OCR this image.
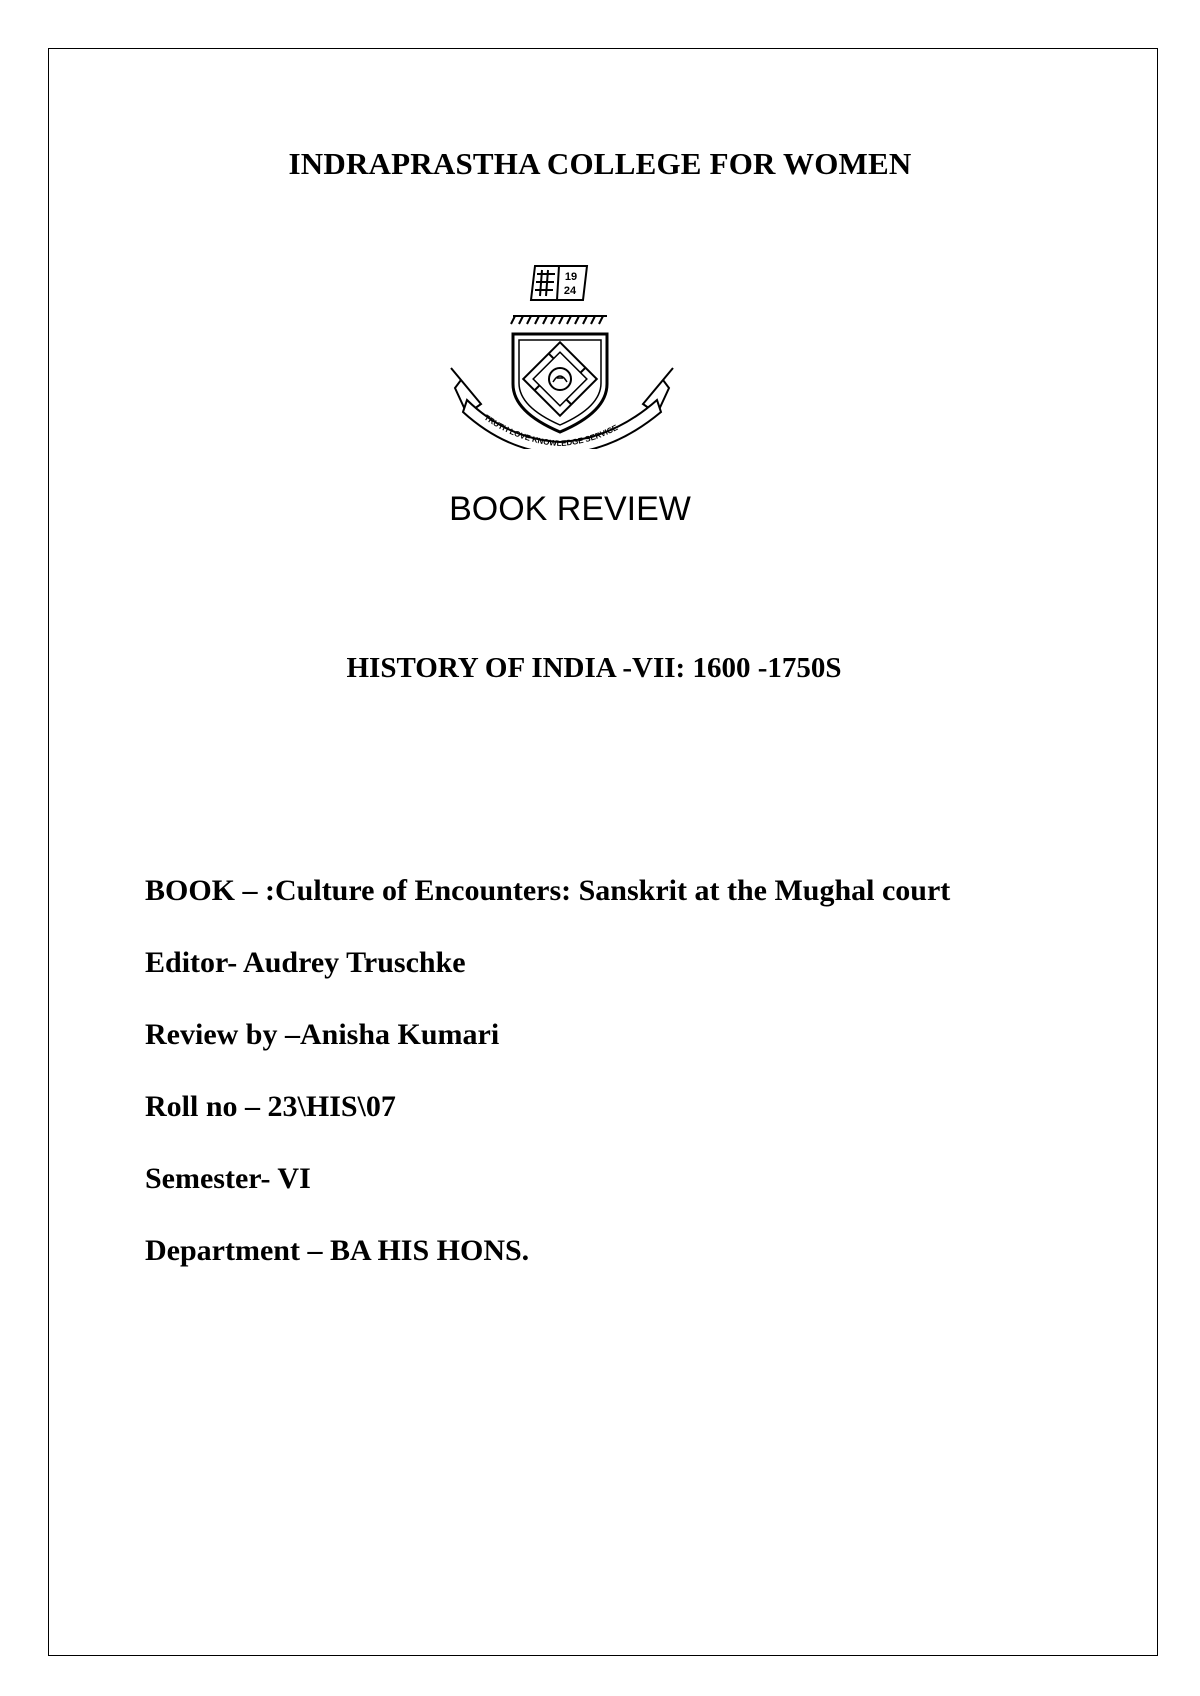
INDRAPRASTHA COLLEGE FOR WOMEN
19
24
TRUTH LOVE KNOWLEDGE SERVICE
BOOK REVIEW
HISTORY OF INDIA -VII: 1600 -1750S
BOOK – :Culture of Encounters: Sanskrit at the Mughal court
Editor- Audrey Truschke
Review by –Anisha Kumari
Roll no – 23\HIS\07
Semester- VI
Department – BA HIS HONS.
